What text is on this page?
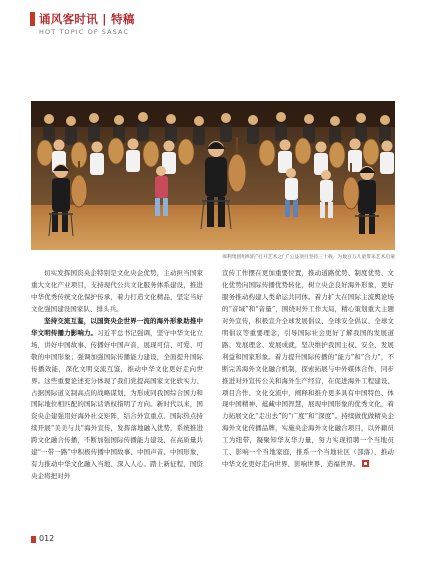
诵风客时讯 | 特稿
HOT TOPIC OF SASAC
保利集团组织的“打开艺术之门”公益项目坚持三十载，为数百万儿童带来艺术启蒙

切实发挥国资央企特别是文化央企优势，主动担当国家重大文化产业项目，支持现代公共文化服务体系建设，推进中华优秀传统文化保护传承，着力打造文化精品，坚定当好文化强国建设国家队、排头兵。

坚持交流互鉴，以国资央企世界一流的海外形象助推中华文明传播力影响力。习近平总书记强调，坚守中华文化立场，讲好中国故事、传播好中国声音，展现可信、可爱、可敬的中国形象；强调加强国际传播能力建设，全面提升国际传播效能，深化文明交流互鉴，推动中华文化更好走向世界。这些重要论述充分体现了我们党提高国家文化软实力、占据国际道义制高点的战略谋划，为形成同我国综合国力和国际地位相匹配的国际话语权指明了方向。新时代以来，国资央企建强用好海外社交矩阵，结合外宣重点、国际热点持续开展“美美与共”海外宣传，发挥落地融入优势，系统推进跨文化融合传播，不断加强国际传播能力建设，在高质量共建“一带一路”中积极传播中国故事、中国声音、中国形象，有力推动中华文化融入当地、深入人心。踏上新征程，国资央企将把对外

宣传工作摆在更加重要位置，推动道路优势、制度优势、文化优势向国际传播优势转化，树立央企良好海外形象，更好服务推动构建人类命运共同体。着力扩大在国际主流舆论场的“音域”和“音量”，围绕对外工作大局，精心策划重大主题对外宣传，积极宣介全球发展倡议、全球安全倡议、全球文明倡议等重要理念，引导国际社会更好了解我国的发展道路、发展理念、发展成就，坚决维护我国主权、安全、发展利益和国家形象。着力提升国际传播的“能力”和“合力”，不断完善海外文化融合机制，探索拓展与中外媒体合作，同步推进对外宣传公关和海外生产经营，在促进海外工程建设、项目合作、文化交流中，阐释和推介更多具有中国特色、体现中国精神、蕴藏中国智慧，展现中国形象的优秀文化，着力拓展文化“走出去”的“广度”和“深度”。持续做优做精央企海外文化传播品牌，实施央企海外文化融合项目，以外籍员工为纽带，凝聚知华友华力量，努力实现招聘一个当地员工、影响一个当地家庭，推系一个当地社区（部落），推动中华文化更好走向世界、影响世界、造福世界。

012
